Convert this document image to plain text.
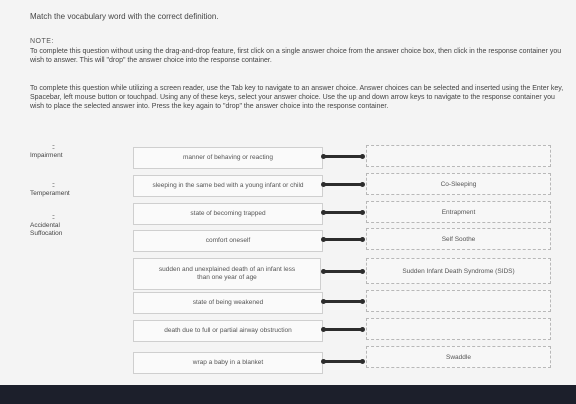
Match the vocabulary word with the correct definition.
NOTE:
To complete this question without using the drag-and-drop feature, first click on a single answer choice from the answer choice box, then click in the response container you wish to answer. This will "drop" the answer choice into the response container.
To complete this question while utilizing a screen reader, use the Tab key to navigate to an answer choice. Answer choices can be selected and inserted using the Enter key, Spacebar, left mouse button or touchpad. Using any of these keys, select your answer choice. Use the up and down arrow keys to navigate to the response container you wish to place the selected answer into. Press the key again to "drop" the answer choice into the response container.
::
Impairment
::
Temperament
::
Accidental Suffocation
manner of behaving or reacting
sleeping in the same bed with a young infant or child
state of becoming trapped
comfort oneself
sudden and unexplained death of an infant less than one year of age
state of being weakened
death due to full or partial airway obstruction
wrap a baby in a blanket
Co-Sleeping
Entrapment
Self Soothe
Sudden Infant Death Syndrome (SIDS)
Swaddle
